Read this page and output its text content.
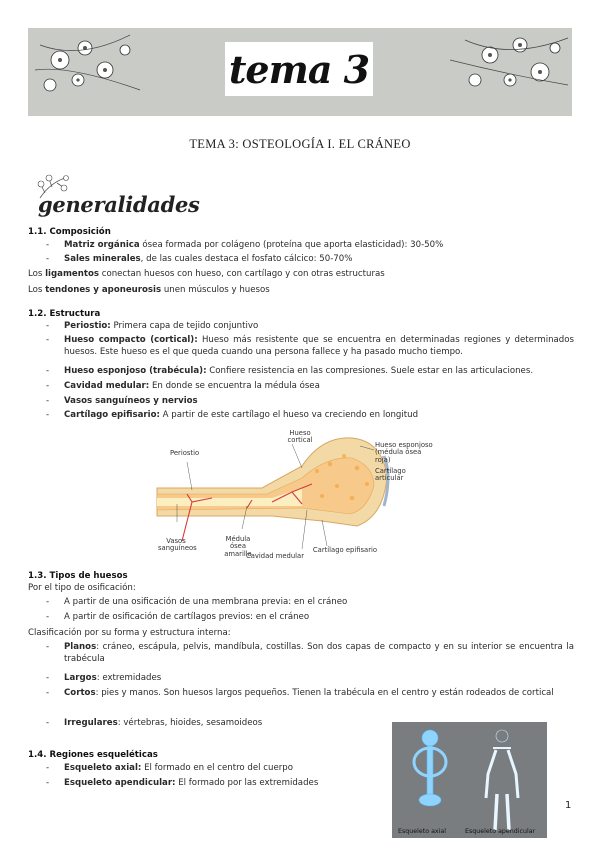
tema 3
TEMA 3: OSTEOLOGÍA I. EL CRÁNEO
generalidades
1.1. Composición
- Matriz orgánica ósea formada por colágeno (proteína que aporta elasticidad): 30-50%
- Sales minerales, de las cuales destaca el fosfato cálcico: 50-70%
Los ligamentos conectan huesos con hueso, con cartílago y con otras estructuras
Los tendones y aponeurosis unen músculos y huesos
1.2. Estructura
- Periostio: Primera capa de tejido conjuntivo
- Hueso compacto (cortical): Hueso más resistente que se encuentra en determinadas regiones y determinados huesos. Este hueso es el que queda cuando una persona fallece y ha pasado mucho tiempo.
- Hueso esponjoso (trabécula): Confiere resistencia en las compresiones. Suele estar en las articulaciones.
- Cavidad medular: En donde se encuentra la médula ósea
- Vasos sanguíneos y nervios
- Cartílago epifisario: A partir de este cartílago el hueso va creciendo en longitud
Periostio
Hueso cortical
Hueso esponjoso (médula ósea roja)
Cartílago articular
Vasos sanguíneos
Médula ósea amarilla
Cavidad medular
Cartílago epifisario
1.3. Tipos de huesos
Por el tipo de osificación:
- A partir de una osificación de una membrana previa: en el cráneo
- A partir de osificación de cartílagos previos: en el cráneo
Clasificación por su forma y estructura interna:
- Planos: cráneo, escápula, pelvis, mandíbula, costillas. Son dos capas de compacto y en su interior se encuentra la trabécula
- Largos: extremidades
- Cortos: pies y manos. Son huesos largos pequeños. Tienen la trabécula en el centro y están rodeados de cortical
- Irregulares: vértebras, hioides, sesamoideos
1.4. Regiones esqueléticas
- Esqueleto axial: El formado en el centro del cuerpo
- Esqueleto apendicular: El formado por las extremidades
Esqueleto axial	Esqueleto apendicular
1
